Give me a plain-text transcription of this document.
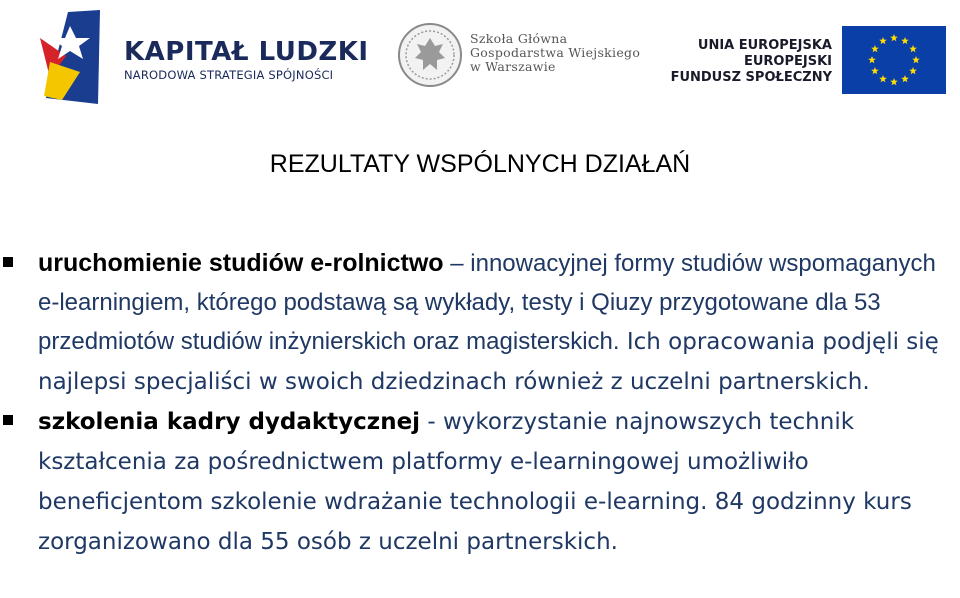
KAPITAŁ LUDZKI
NARODOWA STRATEGIA SPÓJNOŚCI
Szkoła Główna
Gospodarstwa Wiejskiego
w Warszawie
UNIA EUROPEJSKA
EUROPEJSKI
FUNDUSZ SPOŁECZNY
REZULTATY WSPÓLNYCH DZIAŁAŃ
uruchomienie studiów e-rolnictwo – innowacyjnej formy studiów wspomaganych e-learningiem, którego podstawą są wykłady, testy i Qiuzy przygotowane dla 53 przedmiotów studiów inżynierskich oraz magisterskich. Ich opracowania podjęli się najlepsi specjaliści w swoich dziedzinach również z uczelni partnerskich.
szkolenia kadry dydaktycznej - wykorzystanie najnowszych technik kształcenia za pośrednictwem platformy e-learningowej umożliwiło beneficjentom szkolenie wdrażanie technologii e-learning. 84 godzinny kurs zorganizowano dla 55 osób z uczelni partnerskich.
